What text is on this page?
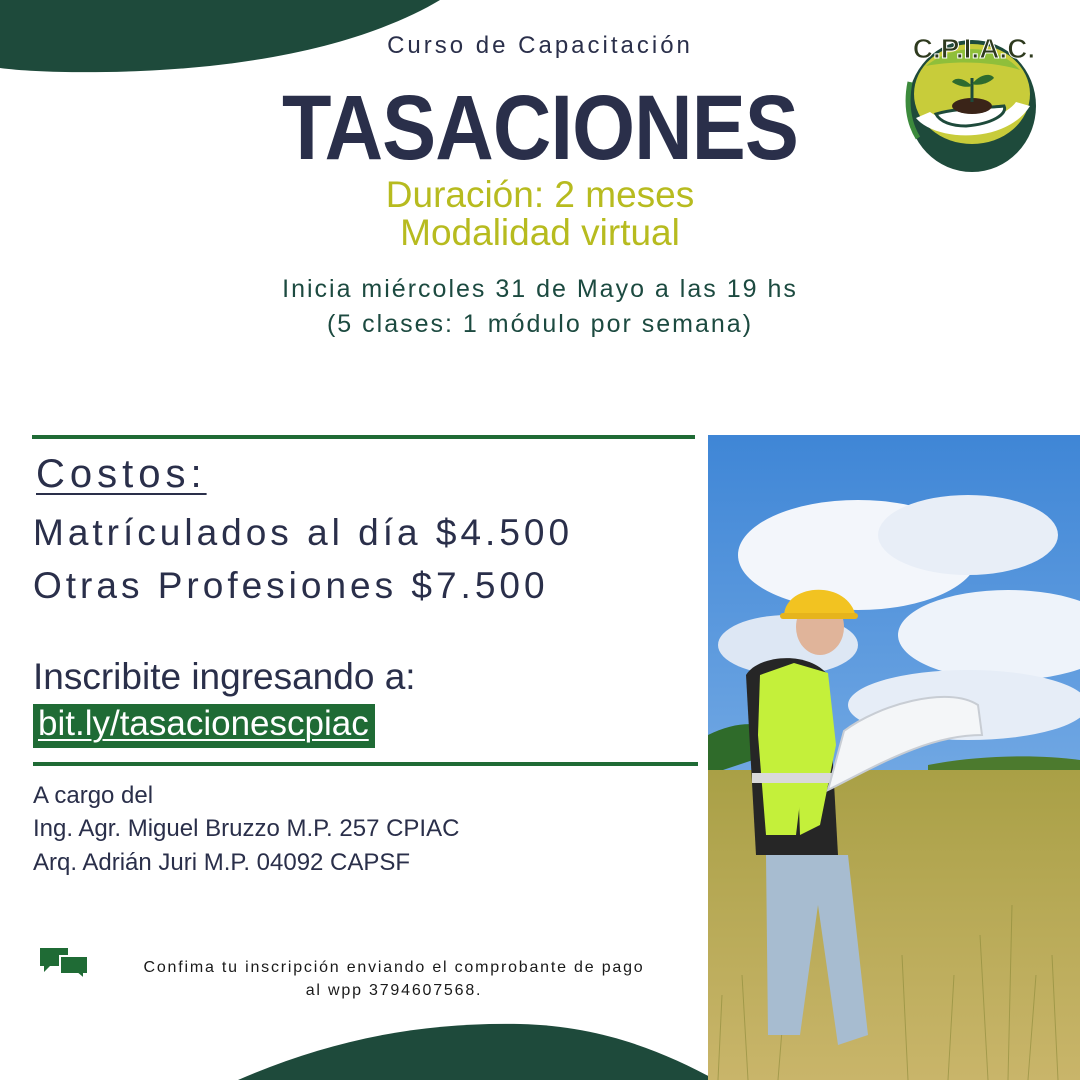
Curso de Capacitación
TASACIONES
Duración: 2 meses
Modalidad virtual
Inicia miércoles 31 de Mayo a las 19 hs
(5 clases: 1 módulo por semana)
C.P.I.A.C.
Costos:
Matrículados al día $4.500
Otras Profesiones $7.500
Inscribite ingresando a:
bit.ly/tasacionescpiac
A cargo del
Ing. Agr. Miguel Bruzzo M.P. 257 CPIAC
Arq. Adrián Juri M.P. 04092 CAPSF
Confima tu inscripción enviando el comprobante de pago
al wpp 3794607568.
